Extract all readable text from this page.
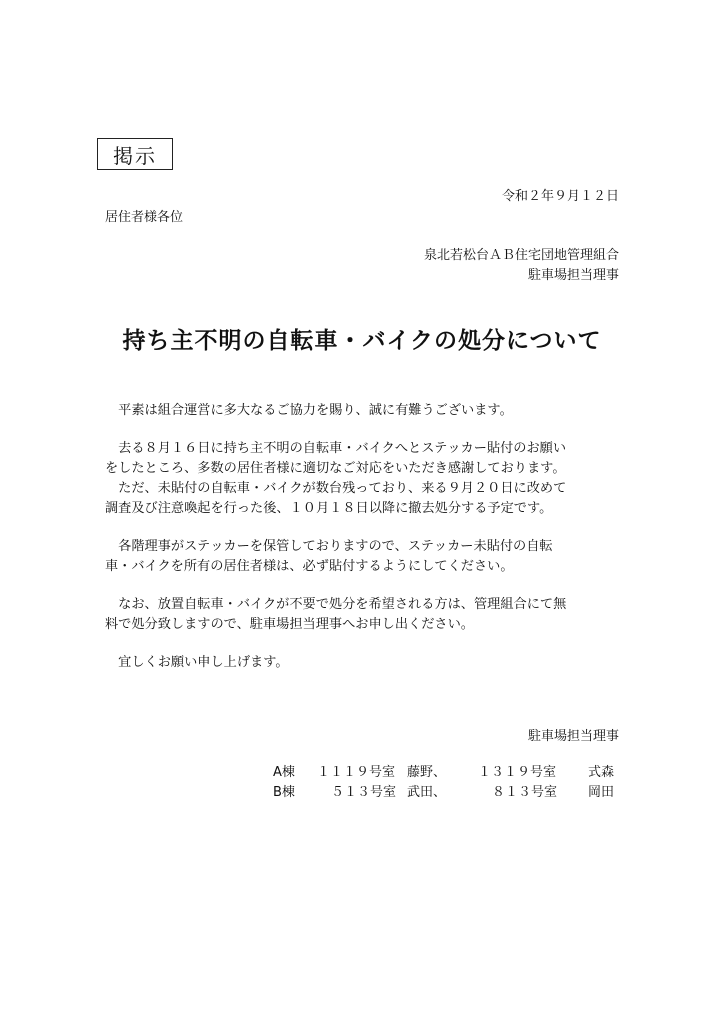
掲示
令和２年９月１２日
居住者様各位
泉北若松台ＡＢ住宅団地管理組合
駐車場担当理事
持ち主不明の自転車・バイクの処分について
　平素は組合運営に多大なるご協力を賜り、誠に有難うございます。
　去る８月１６日に持ち主不明の自転車・バイクへとステッカー貼付のお願い
をしたところ、多数の居住者様に適切なご対応をいただき感謝しております。
　ただ、未貼付の自転車・バイクが数台残っており、来る９月２０日に改めて
調査及び注意喚起を行った後、１０月１８日以降に撤去処分する予定です。
　各階理事がステッカーを保管しておりますので、ステッカー未貼付の自転
車・バイクを所有の居住者様は、必ず貼付するようにしてください。
　なお、放置自転車・バイクが不要で処分を希望される方は、管理組合にて無
料で処分致しますので、駐車場担当理事へお申し出ください。
　宜しくお願い申し上げます。
駐車場担当理事
A棟 １１１９号室 藤野、 １３１９号室 式森
B棟	５１３号室 武田、	８１３号室 岡田
